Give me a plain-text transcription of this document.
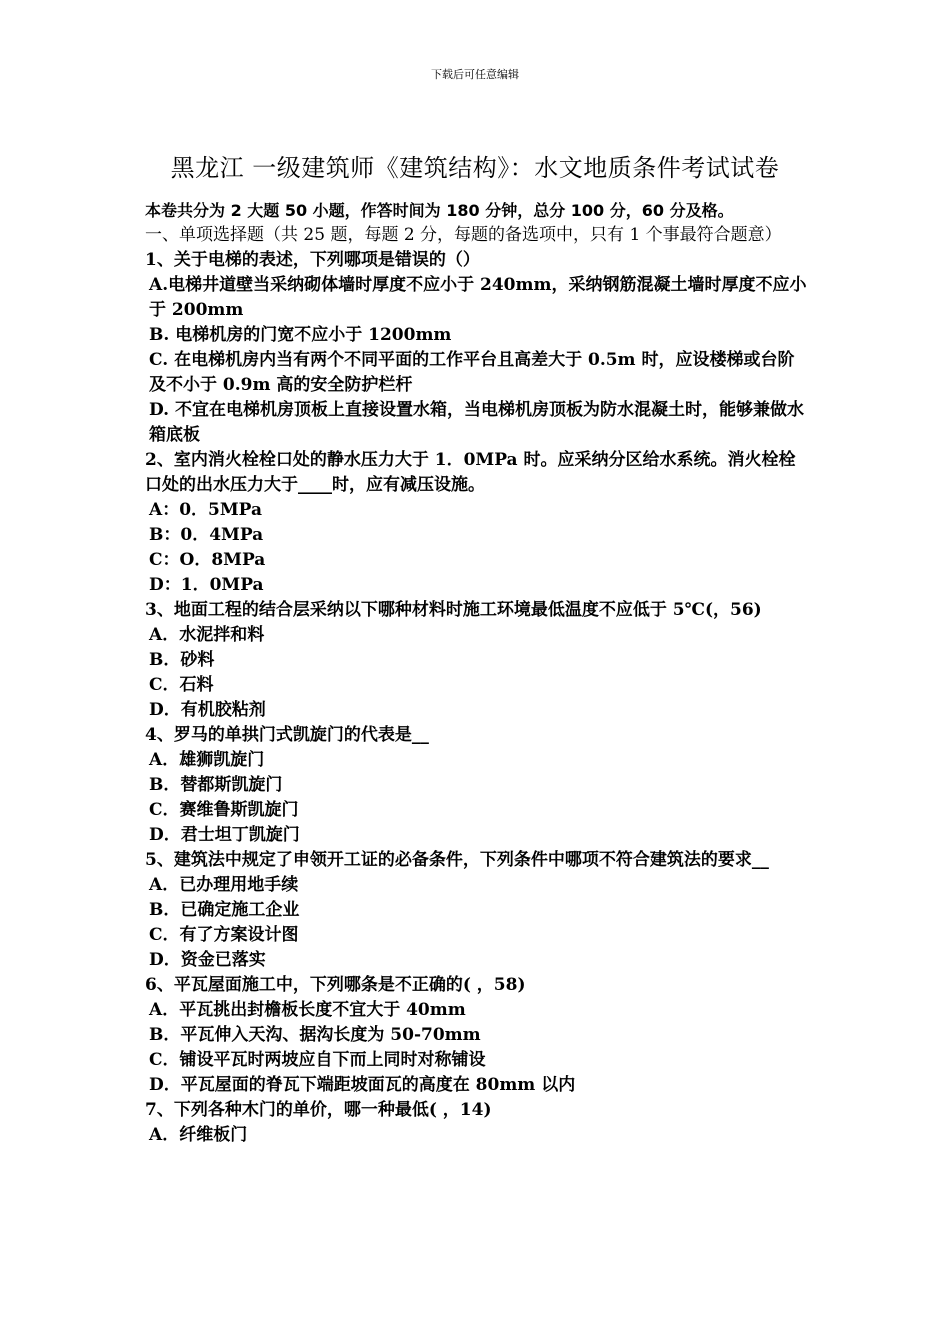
下载后可任意编辑
黑龙江 一级建筑师《建筑结构》：水文地质条件考试试卷
本卷共分为 2 大题 50 小题，作答时间为 180 分钟，总分 100 分，60 分及格。
一、单项选择题（共 25 题，每题 2 分，每题的备选项中，只有 1 个事最符合题意）
1、关于电梯的表述，下列哪项是错误的（）
A.电梯井道壁当采纳砌体墙时厚度不应小于 240mm，采纳钢筋混凝土墙时厚度不应小于 200mm
B. 电梯机房的门宽不应小于 1200mm
C. 在电梯机房内当有两个不同平面的工作平台且高差大于 0.5m 时，应设楼梯或台阶及不小于 0.9m 高的安全防护栏杆
D. 不宜在电梯机房顶板上直接设置水箱，当电梯机房顶板为防水混凝土时，能够兼做水箱底板
2、室内消火栓栓口处的静水压力大于 1．0MPa 时。应采纳分区给水系统。消火栓栓口处的出水压力大于____时，应有减压设施。
A：0．5MPa
B：0．4MPa
C：O．8MPa
D：1．0MPa
3、地面工程的结合层采纳以下哪种材料时施工环境最低温度不应低于 5℃(，56)
A．水泥拌和料
B．砂料
C．石料
D．有机胶粘剂
4、罗马的单拱门式凯旋门的代表是__
A．雄狮凯旋门
B．替都斯凯旋门
C．赛维鲁斯凯旋门
D．君士坦丁凯旋门
5、建筑法中规定了申领开工证的必备条件，下列条件中哪项不符合建筑法的要求__
A．已办理用地手续
B．已确定施工企业
C．有了方案设计图
D．资金已落实
6、平瓦屋面施工中，下列哪条是不正确的( ，58)
A．平瓦挑出封檐板长度不宜大于 40mm
B．平瓦伸入天沟、据沟长度为 50-70mm
C．铺设平瓦时两坡应自下而上同时对称铺设
D．平瓦屋面的脊瓦下端距坡面瓦的高度在 80mm 以内
7、下列各种木门的单价，哪一种最低( ，14)
A．纤维板门
